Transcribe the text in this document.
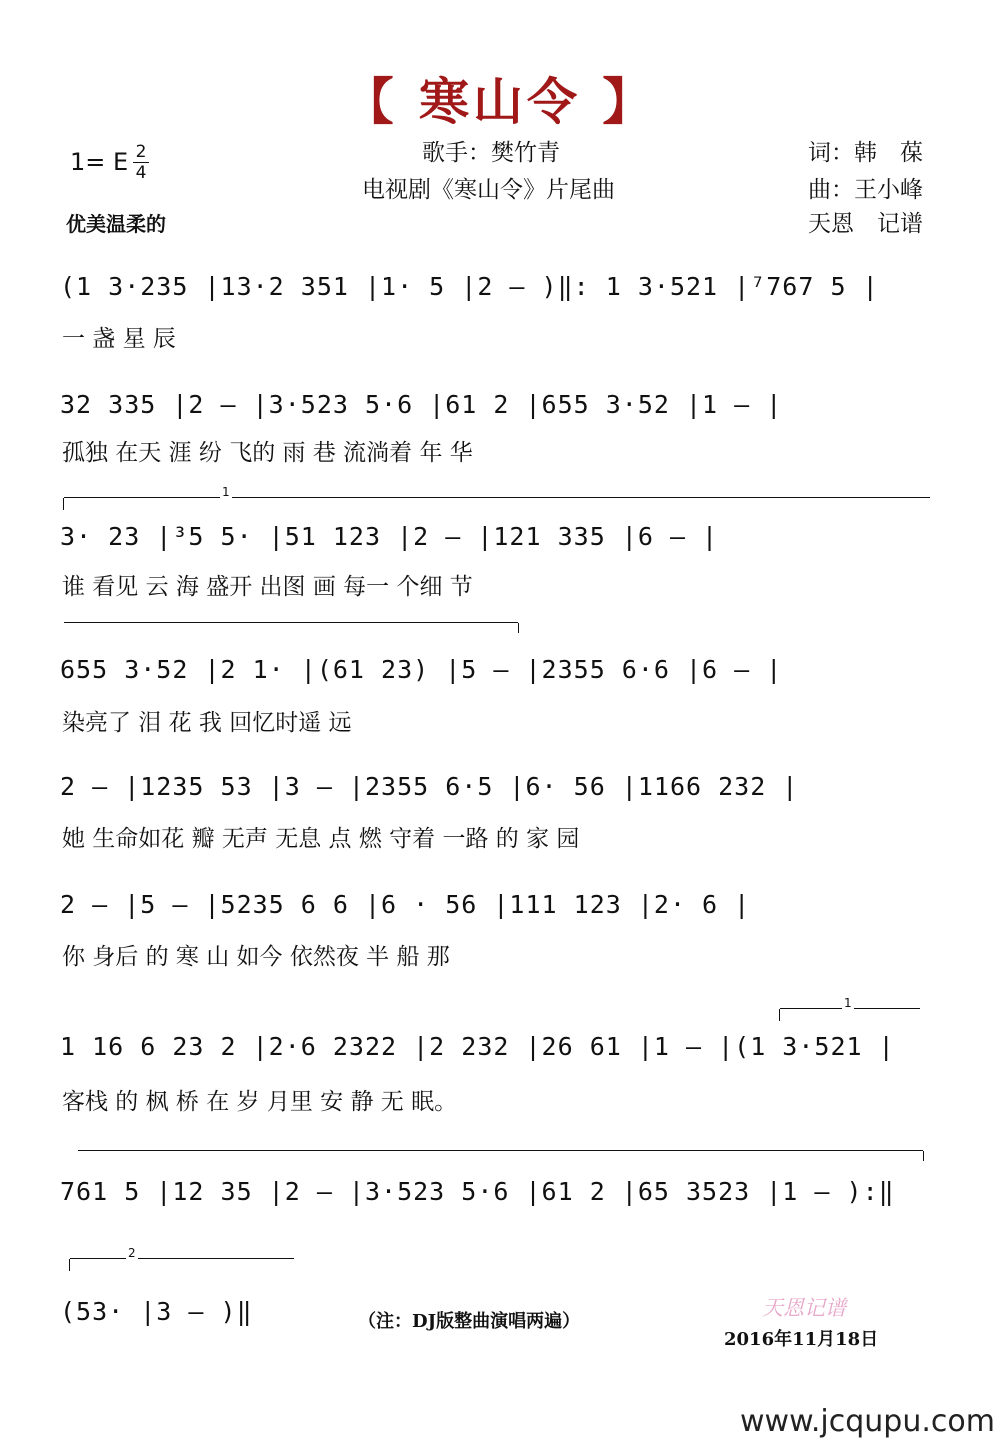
【 寒山令 】
1= E 2
4
优美温柔的
歌手：樊竹青
电视剧《寒山令》片尾曲
词：韩　葆
曲：王小峰
天恩　记谱
(1 3·235 |13·2 351 |1· 5 |2 – )‖: 1 3·521 |⁷767 5 |
一 盏 星 辰
32 335 |2 – |3·523 5·6 |61 2 |655 3·52 |1 – |
孤独 在天 涯 纷 飞的 雨 巷 流淌着 年 华
1
3· 23 |³5 5· |51 123 |2 – |121 335 |6 – |
谁 看见 云 海 盛开 出图 画 每一 个细 节
655 3·52 |2 1· |(61 23) |5 – |2355 6·6 |6 – |
染亮了 泪 花 我 回忆时遥 远
2 – |1235 53 |3 – |2355 6·5 |6· 56 |1166 232 |
她 生命如花 瓣 无声 无息 点 燃 守着 一路 的 家 园
2 – |5 – |5235 6 6 |6 · 56 |111 123 |2· 6 |
你 身后 的 寒 山 如今 依然夜 半 船 那
1
1 16 6 23 2 |2·6 2322 |2 232 |26 61 |1 – |(1 3·521 |
客栈 的 枫 桥 在 岁 月里 安 静 无 眠。
761 5 |12 35 |2 – |3·523 5·6 |61 2 |65 3523 |1 – ):‖
2
(53· |3 – )‖	（注：DJ版整曲演唱两遍）
天恩记谱
2016年11月18日
www.jcqupu.com
